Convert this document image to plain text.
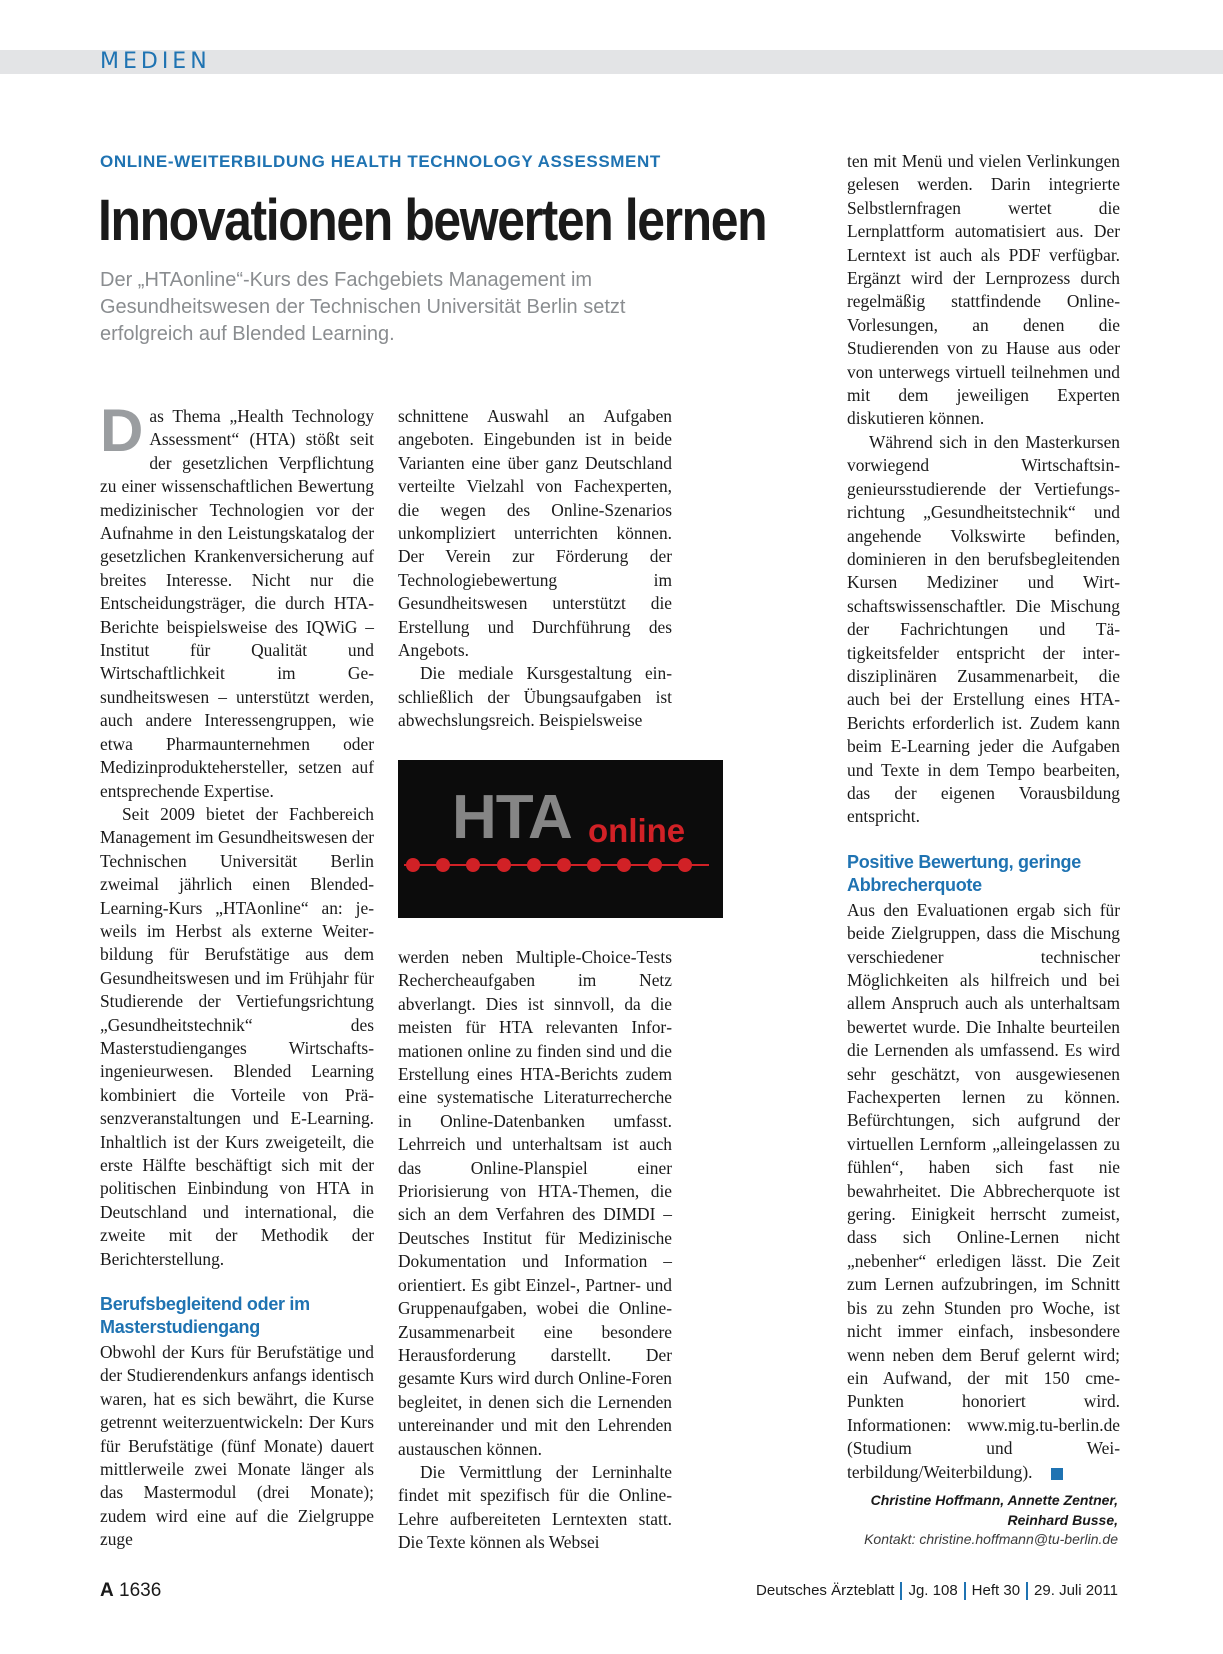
MEDIEN
ONLINE-WEITERBILDUNG HEALTH TECHNOLOGY ASSESSMENT
Innovationen bewerten lernen
Der „HTAonline“-Kurs des Fachgebiets Management im Gesundheitswesen der Technischen Universität Berlin setzt erfolgreich auf Blended Learning.

Das Thema „Health Technology Assessment“ (HTA) stößt seit der gesetzlichen Verpflichtung zu einer wissenschaftlichen Bewertung medizinischer Technologien vor der Aufnahme in den Leistungskatalog der gesetzlichen Krankenversicherung auf breites Interesse. Nicht nur die Entscheidungsträger, die durch HTA-Berichte beispielsweise des IQWiG – Institut für Qualität und Wirtschaftlichkeit im Gesundheitswesen – unterstützt werden, auch andere Interessengruppen, wie etwa Pharmaunternehmen oder Medizinproduktehersteller, setzen auf entsprechende Expertise.

Seit 2009 bietet der Fachbereich Management im Gesundheitswesen der Technischen Universität Berlin zweimal jährlich einen Blended-Learning-Kurs „HTAonline“ an: jeweils im Herbst als externe Weiterbildung für Berufstätige aus dem Gesundheitswesen und im Frühjahr für Studierende der Vertiefungsrichtung „Gesundheitstechnik“ des Masterstudienganges Wirtschaftsingenieurwesen. Blended Learning kombiniert die Vorteile von Präsenzveranstaltungen und E-Learning. Inhaltlich ist der Kurs zweigeteilt, die erste Hälfte beschäftigt sich mit der politischen Einbindung von HTA in Deutschland und international, die zweite mit der Methodik der Berichterstellung.

Berufsbegleitend oder im Masterstudiengang

Obwohl der Kurs für Berufstätige und der Studierendenkurs anfangs identisch waren, hat es sich bewährt, die Kurse getrennt weiterzuentwickeln: Der Kurs für Berufstätige (fünf Monate) dauert mittlerweile zwei Monate länger als das Mastermodul (drei Monate); zudem wird eine auf die Zielgruppe zuge

schnittene Auswahl an Aufgaben angeboten. Eingebunden ist in beide Varianten eine über ganz Deutschland verteilte Vielzahl von Fachexperten, die wegen des Online-Szenarios unkompliziert unterrichten können. Der Verein zur Förderung der Technologiebewertung im Gesundheitswesen unterstützt die Erstellung und Durchführung des Angebots.

Die mediale Kursgestaltung einschließlich der Übungsaufgaben ist abwechslungsreich. Beispielsweise

HTA online

werden neben Multiple-Choice-Tests Rechercheaufgaben im Netz abverlangt. Dies ist sinnvoll, da die meisten für HTA relevanten Informationen online zu finden sind und die Erstellung eines HTA-Berichts zudem eine systematische Literaturrecherche in Online-Datenbanken umfasst. Lehrreich und unterhaltsam ist auch das Online-Planspiel einer Priorisierung von HTA-Themen, die sich an dem Verfahren des DIMDI – Deutsches Institut für Medizinische Dokumentation und Information – orientiert. Es gibt Einzel-, Partner- und Gruppenaufgaben, wobei die Online-Zusammenarbeit eine besondere Herausforderung darstellt. Der gesamte Kurs wird durch Online-Foren begleitet, in denen sich die Lernenden untereinander und mit den Lehrenden austauschen können.

Die Vermittlung der Lerninhalte findet mit spezifisch für die Online-Lehre aufbereiteten Lerntexten statt. Die Texte können als Websei

ten mit Menü und vielen Verlinkungen gelesen werden. Darin integrierte Selbstlernfragen wertet die Lernplattform automatisiert aus. Der Lerntext ist auch als PDF verfügbar. Ergänzt wird der Lernprozess durch regelmäßig stattfindende Online-Vorlesungen, an denen die Studierenden von zu Hause aus oder von unterwegs virtuell teilnehmen und mit dem jeweiligen Experten diskutieren können.

Während sich in den Masterkursen vorwiegend Wirtschaftsingenieursstudierende der Vertiefungsrichtung „Gesundheitstechnik“ und angehende Volkswirte befinden, dominieren in den berufsbegleitenden Kursen Mediziner und Wirtschaftswissenschaftler. Die Mischung der Fachrichtungen und Tätigkeitsfelder entspricht der interdisziplinären Zusammenarbeit, die auch bei der Erstellung eines HTA-Berichts erforderlich ist. Zudem kann beim E-Learning jeder die Aufgaben und Texte in dem Tempo bearbeiten, das der eigenen Vorausbildung entspricht.

Positive Bewertung, geringe Abbrecherquote

Aus den Evaluationen ergab sich für beide Zielgruppen, dass die Mischung verschiedener technischer Möglichkeiten als hilfreich und bei allem Anspruch auch als unterhaltsam bewertet wurde. Die Inhalte beurteilen die Lernenden als umfassend. Es wird sehr geschätzt, von ausgewiesenen Fachexperten lernen zu können. Befürchtungen, sich aufgrund der virtuellen Lernform „alleingelassen zu fühlen“, haben sich fast nie bewahrheitet. Die Abbrecherquote ist gering. Einigkeit herrscht zumeist, dass sich Online-Lernen nicht „nebenher“ erledigen lässt. Die Zeit zum Lernen aufzubringen, im Schnitt bis zu zehn Stunden pro Woche, ist nicht immer einfach, insbesondere wenn neben dem Beruf gelernt wird; ein Aufwand, der mit 150 cme-Punkten honoriert wird. Informationen: www.mig.tu-berlin.de (Studium und Weiterbildung/Weiterbildung).

Christine Hoffmann, Annette Zentner,
Reinhard Busse,
Kontakt: christine.hoffmann@tu-berlin.de
A 1636	Deutsches Ärzteblatt Jg. 108 Heft 30 29. Juli 2011
